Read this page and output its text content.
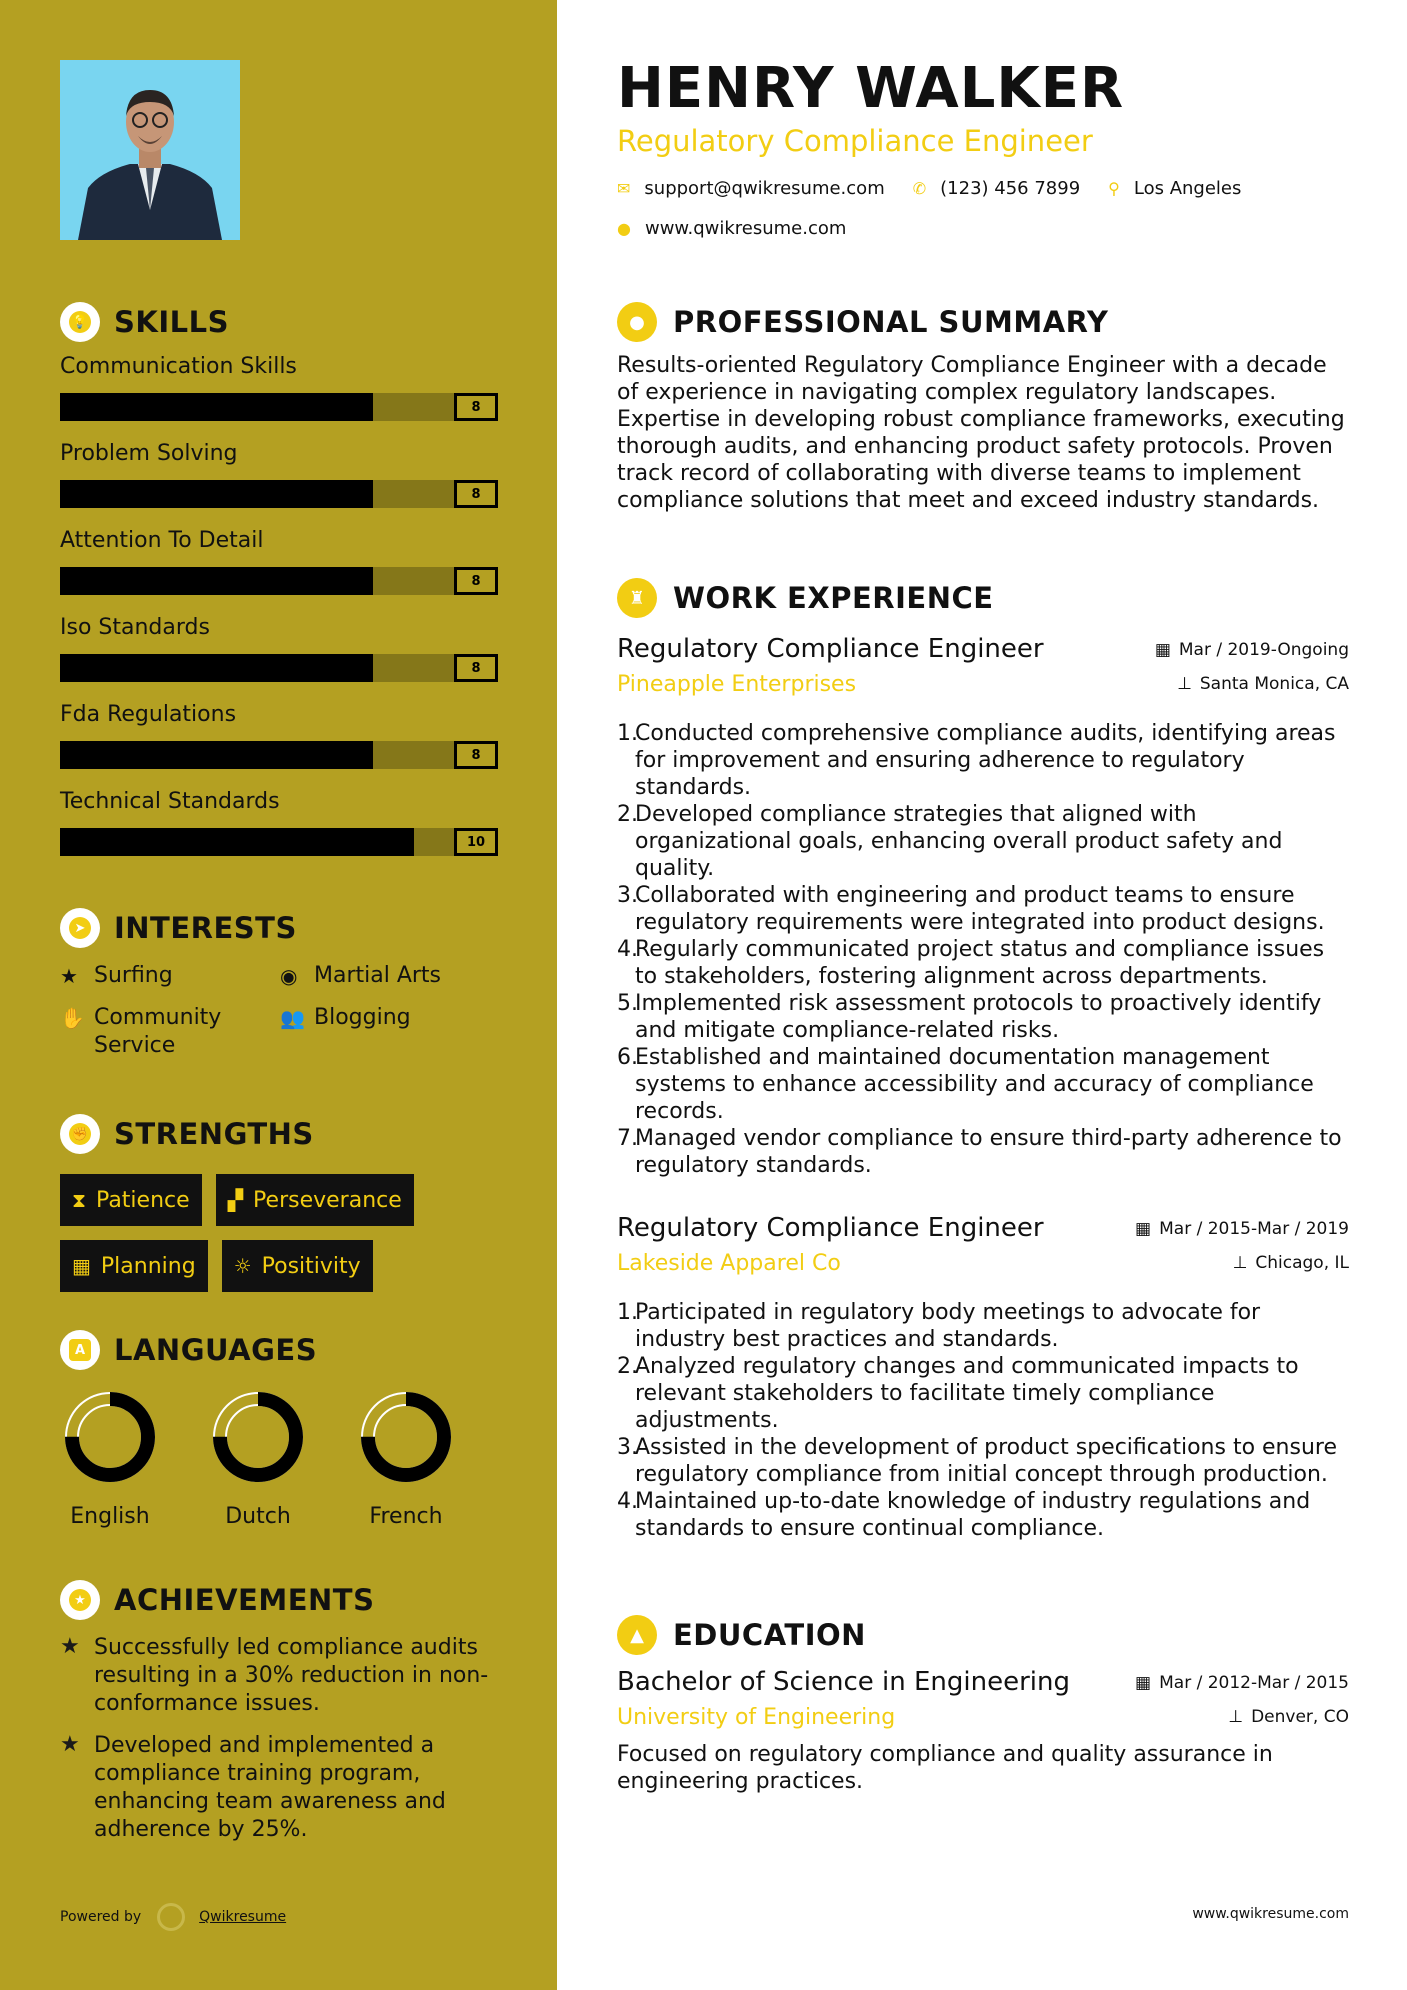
💡 SKILLS
Communication Skills
8
Problem Solving
8
Attention To Detail
8
Iso Standards
8
Fda Regulations
8
Technical Standards
10
➤ INTERESTS
★ Surfing	◉ Martial Arts
✋ Community Service
👥 Blogging
✊ STRENGTHS
⧗ Patience ▞ Perseverance
▦ Planning ☼ Positivity
A LANGUAGES
English	Dutch	French
★ ACHIEVEMENTS
★ Successfully led compliance audits resulting in a 30% reduction in non-conformance issues.
★ Developed and implemented a compliance training program, enhancing team awareness and adherence by 25%.
Powered by	Qwikresume
HENRY WALKER
Regulatory Compliance Engineer
✉ support@qwikresume.com ✆ (123) 456 7899 ⚲ Los Angeles
● www.qwikresume.com
● PROFESSIONAL SUMMARY
Results-oriented Regulatory Compliance Engineer with a decade of experience in navigating complex regulatory landscapes. Expertise in developing robust compliance frameworks, executing thorough audits, and enhancing product safety protocols. Proven track record of collaborating with diverse teams to implement compliance solutions that meet and exceed industry standards.
♜ WORK EXPERIENCE
Regulatory Compliance Engineer
Pineapple Enterprises
▦ Mar / 2019-Ongoing
⊥ Santa Monica, CA
Conducted comprehensive compliance audits, identifying areas for improvement and ensuring adherence to regulatory standards.
Developed compliance strategies that aligned with organizational goals, enhancing overall product safety and quality.
Collaborated with engineering and product teams to ensure regulatory requirements were integrated into product designs.
Regularly communicated project status and compliance issues to stakeholders, fostering alignment across departments.
Implemented risk assessment protocols to proactively identify and mitigate compliance-related risks.
Established and maintained documentation management systems to enhance accessibility and accuracy of compliance records.
Managed vendor compliance to ensure third-party adherence to regulatory standards.
Regulatory Compliance Engineer
Lakeside Apparel Co
▦ Mar / 2015-Mar / 2019
⊥ Chicago, IL
Participated in regulatory body meetings to advocate for industry best practices and standards.
Analyzed regulatory changes and communicated impacts to relevant stakeholders to facilitate timely compliance adjustments.
Assisted in the development of product specifications to ensure regulatory compliance from initial concept through production.
Maintained up-to-date knowledge of industry regulations and standards to ensure continual compliance.
▲	EDUCATION
Bachelor of Science in Engineering
University of Engineering
▦ Mar / 2012-Mar / 2015
⊥ Denver, CO
Focused on regulatory compliance and quality assurance in engineering practices.
www.qwikresume.com
